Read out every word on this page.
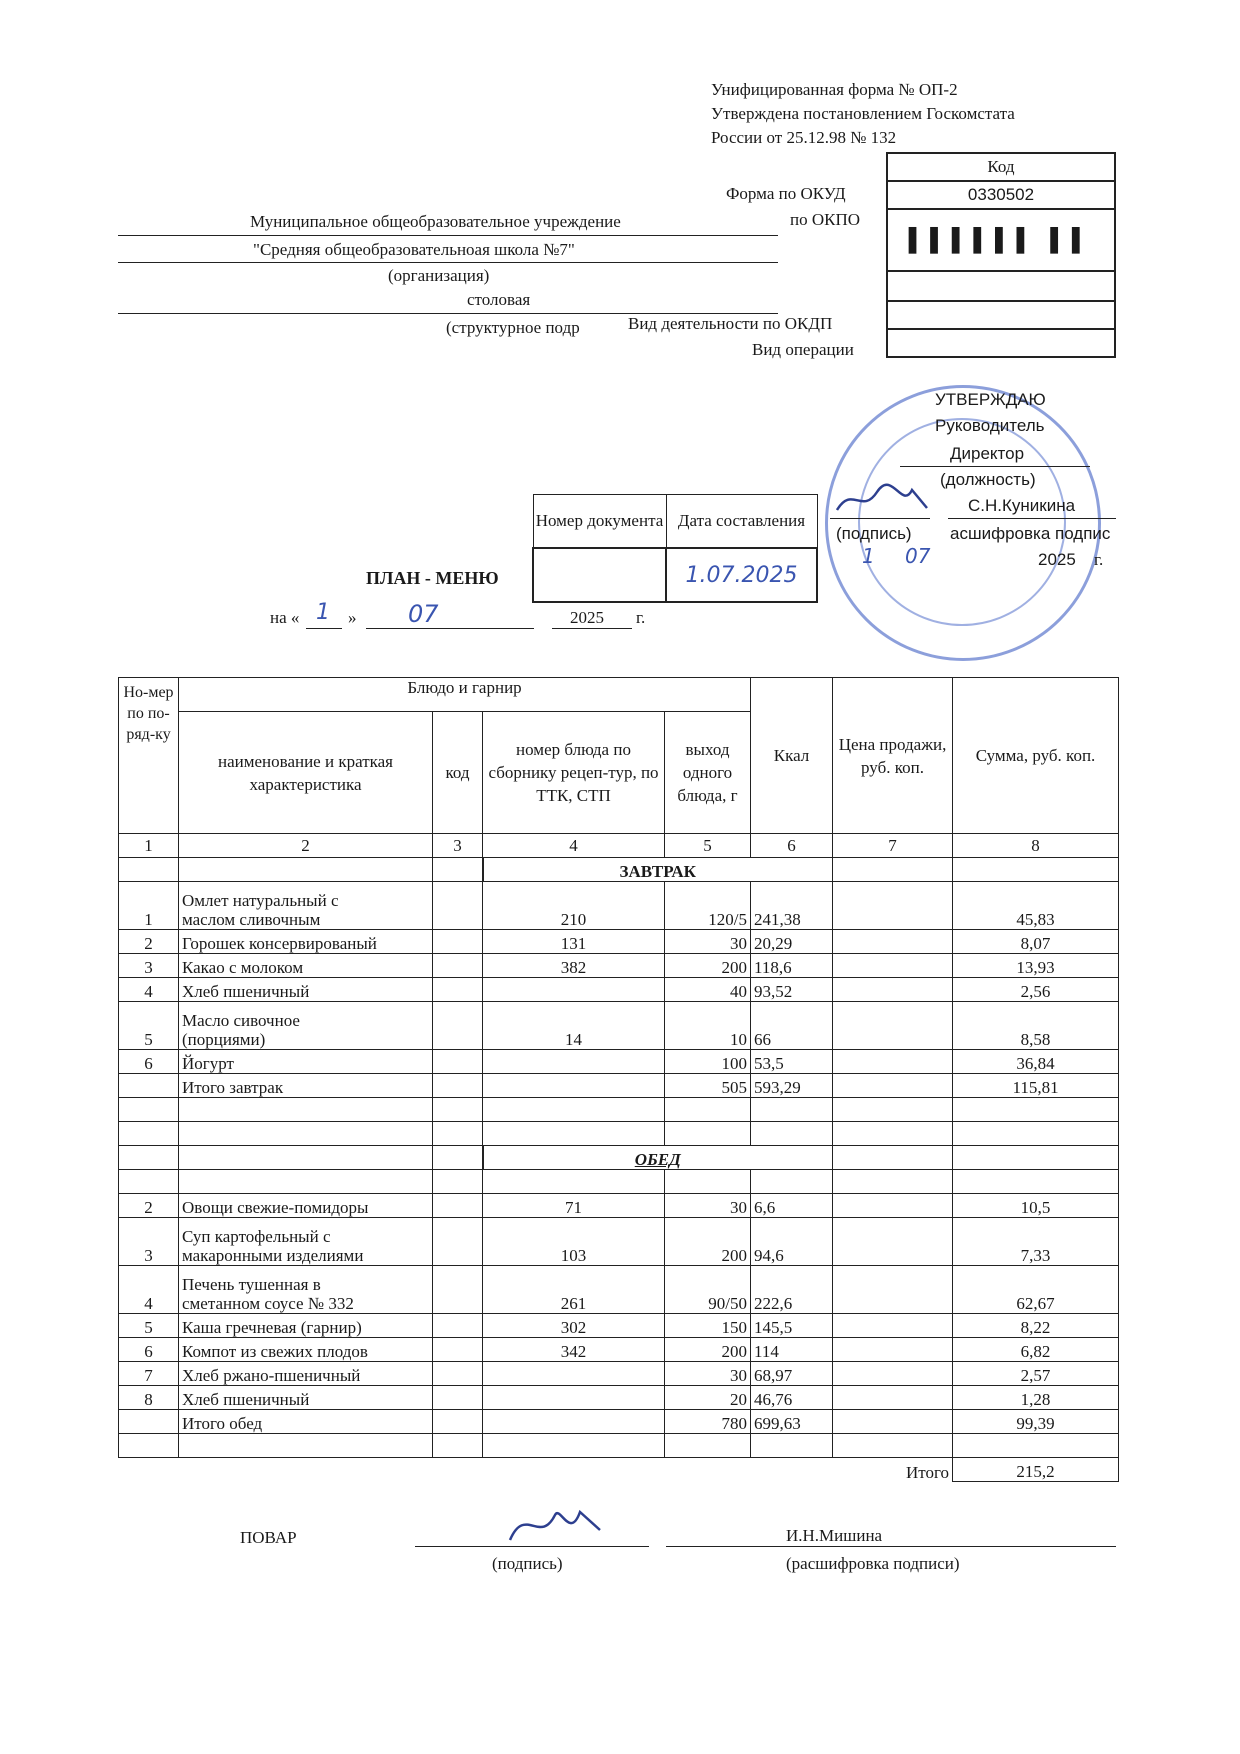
Унифицированная форма № ОП-2
Утверждена постановлением Госкомстата
России от 25.12.98 № 132
Код
0330502
▌▌▌▌▌▌ ▌▌

Форма по ОКУД
по ОКПО
Вид деятельности по ОКДП
Вид операции
Муниципальное общеобразовательное учреждение
"Средняя общеобразовательноая школа №7"
(организация)
столовая
(структурное подр
УТВЕРЖДАЮ
Руководитель
Директор
(должность)
С.Н.Куникина
(подпись) асшифровка подпис
1 07	2025 г.
Номер документа	Дата составления
	1.07.2025
ПЛАН - МЕНЮ
на « 1 » 07	2025 г.
Но-мер по по-ряд-ку	Блюдо и гарнир				Ккал	Цена продажи, руб. коп.	Сумма, руб. коп.
	наименование и краткая характеристика	код	номер блюда по сборнику рецеп-тур, по ТТК, СТП	выход одного блюда, г			
1	2	3	4	5	6	7	8
			ЗАВТРАК				
1	Омлет натуральный с
маслом сливочным		210	120/5	241,38		45,83
2	Горошек консервированый		131	30	20,29		8,07
3	Какао с молоком		382	200	118,6		13,93
4	Хлеб пшеничный			40	93,52		2,56
5	Масло сивочное
(порциями)		14	10	66		8,58
6	Йогурт			100	53,5		36,84
	Итого завтрак			505	593,29		115,81

			ОБЕД				

2	Овощи свежие-помидоры		71	30	6,6		10,5
3	Суп картофельный с
макаронными изделиями		103	200	94,6		7,33
4	Печень тушенная в
сметанном соусе № 332		261	90/50	222,6		62,67
5	Каша гречневая (гарнир)		302	150	145,5		8,22
6	Компот из свежих плодов		342	200	114		6,82
7	Хлеб ржано-пшеничный			30	68,97		2,57
8	Хлеб пшеничный			20	46,76		1,28
	Итого обед			780	699,63		99,39

					Итого		215,2
ПОВАР
(подпись)
И.Н.Мишина
(расшифровка подписи)
